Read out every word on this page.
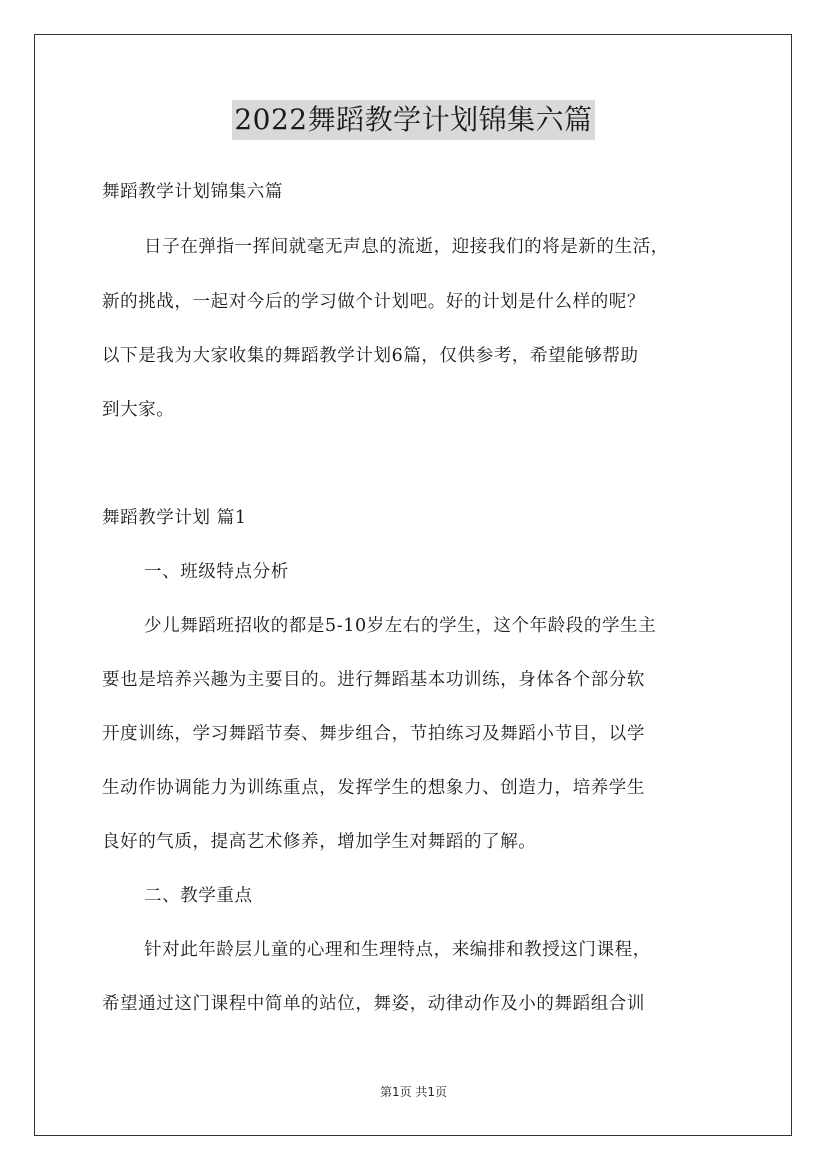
2022舞蹈教学计划锦集六篇
舞蹈教学计划锦集六篇
日子在弹指一挥间就毫无声息的流逝，迎接我们的将是新的生活，
新的挑战，一起对今后的学习做个计划吧。好的计划是什么样的呢？
以下是我为大家收集的舞蹈教学计划6篇，仅供参考，希望能够帮助
到大家。
舞蹈教学计划 篇1
一、班级特点分析
少儿舞蹈班招收的都是5-10岁左右的学生，这个年龄段的学生主
要也是培养兴趣为主要目的。进行舞蹈基本功训练，身体各个部分软
开度训练，学习舞蹈节奏、舞步组合，节拍练习及舞蹈小节目，以学
生动作协调能力为训练重点，发挥学生的想象力、创造力，培养学生
良好的气质，提高艺术修养，增加学生对舞蹈的了解。
二、教学重点
针对此年龄层儿童的心理和生理特点，来编排和教授这门课程，
希望通过这门课程中简单的站位，舞姿，动律动作及小的舞蹈组合训
第1页 共1页
